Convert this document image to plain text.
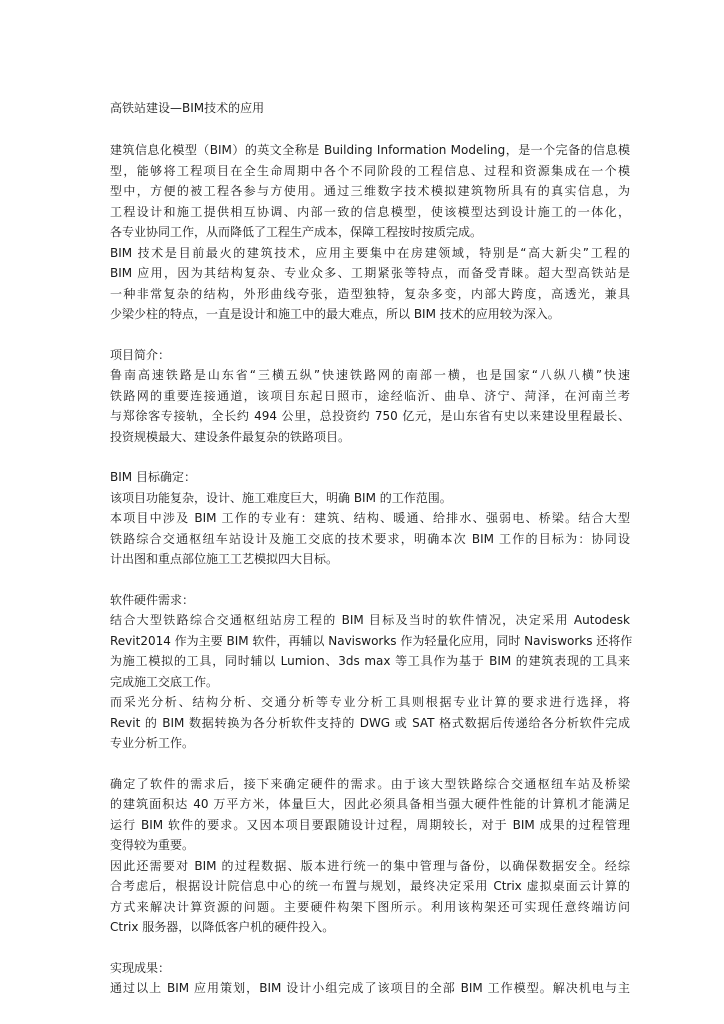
高铁站建设—BIM技术的应用
建筑信息化模型（BIM）的英文全称是 Building Information Modeling，是一个完备的信息模
型，能够将工程项目在全生命周期中各个不同阶段的工程信息、过程和资源集成在一个模
型中，方便的被工程各参与方使用。通过三维数字技术模拟建筑物所具有的真实信息，为
工程设计和施工提供相互协调、内部一致的信息模型，使该模型达到设计施工的一体化，
各专业协同工作，从而降低了工程生产成本，保障工程按时按质完成。
BIM 技术是目前最火的建筑技术，应用主要集中在房建领域，特别是“高大新尖”工程的
BIM 应用，因为其结构复杂、专业众多、工期紧张等特点，而备受青睐。超大型高铁站是
一种非常复杂的结构，外形曲线夸张，造型独特，复杂多变，内部大跨度，高透光，兼具
少梁少柱的特点，一直是设计和施工中的最大难点，所以 BIM 技术的应用较为深入。
项目简介：
鲁南高速铁路是山东省“三横五纵”快速铁路网的南部一横，也是国家“八纵八横”快速
铁路网的重要连接通道，该项目东起日照市，途经临沂、曲阜、济宁、菏泽，在河南兰考
与郑徐客专接轨，全长约 494 公里，总投资约 750 亿元，是山东省有史以来建设里程最长、
投资规模最大、建设条件最复杂的铁路项目。
BIM 目标确定：
该项目功能复杂，设计、施工难度巨大，明确 BIM 的工作范围。
本项目中涉及 BIM 工作的专业有：建筑、结构、暖通、给排水、强弱电、桥梁。结合大型
铁路综合交通枢纽车站设计及施工交底的技术要求，明确本次 BIM 工作的目标为：协同设
计出图和重点部位施工工艺模拟四大目标。
软件硬件需求：
结合大型铁路综合交通枢纽站房工程的 BIM 目标及当时的软件情况，决定采用 Autodesk
Revit2014 作为主要 BIM 软件，再辅以 Navisworks 作为轻量化应用，同时 Navisworks 还将作
为施工模拟的工具，同时辅以 Lumion、3ds max 等工具作为基于 BIM 的建筑表现的工具来
完成施工交底工作。
而采光分析、结构分析、交通分析等专业分析工具则根据专业计算的要求进行选择，将
Revit 的 BIM 数据转换为各分析软件支持的 DWG 或 SAT 格式数据后传递给各分析软件完成
专业分析工作。
确定了软件的需求后，接下来确定硬件的需求。由于该大型铁路综合交通枢纽车站及桥梁
的建筑面积达 40 万平方米，体量巨大，因此必须具备相当强大硬件性能的计算机才能满足
运行 BIM 软件的要求。又因本项目要跟随设计过程，周期较长，对于 BIM 成果的过程管理
变得较为重要。
因此还需要对 BIM 的过程数据、版本进行统一的集中管理与备份，以确保数据安全。经综
合考虑后，根据设计院信息中心的统一布置与规划，最终决定采用 Ctrix 虚拟桌面云计算的
方式来解决计算资源的问题。主要硬件构架下图所示。利用该构架还可实现任意终端访问
Ctrix 服务器，以降低客户机的硬件投入。
实现成果：
通过以上 BIM 应用策划，BIM 设计小组完成了该项目的全部 BIM 工作模型。解决机电与主
